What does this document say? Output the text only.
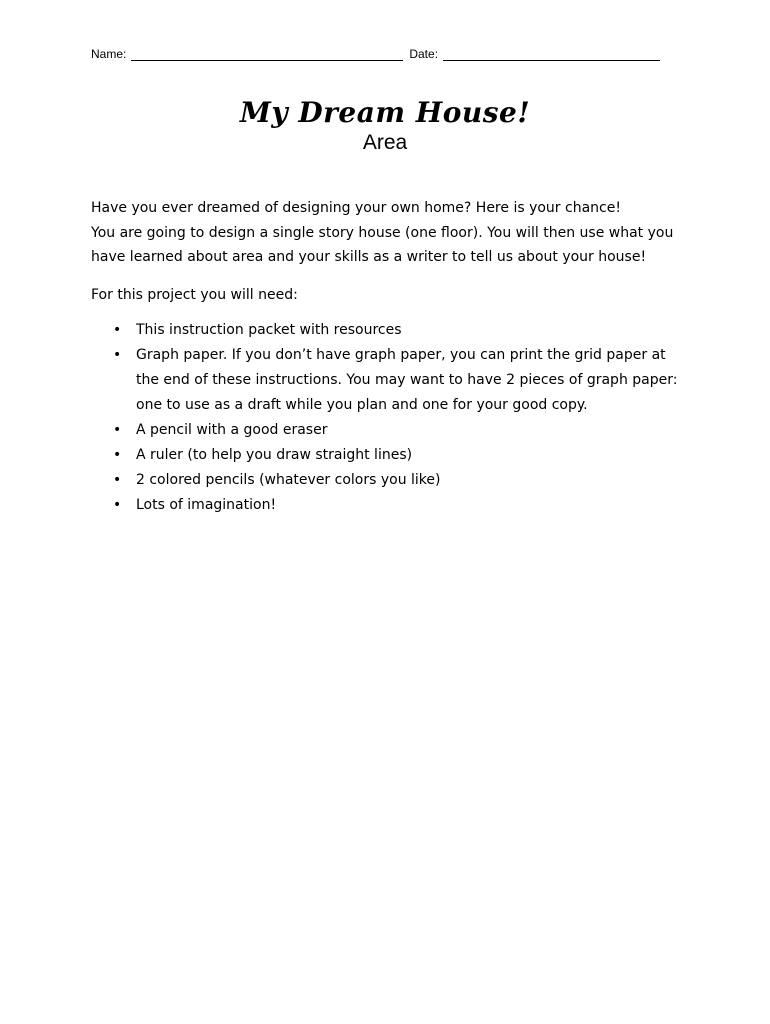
Name:	Date:
My Dream House!
Area

Have you ever dreamed of designing your own home? Here is your chance!

You are going to design a single story house (one floor). You will then use what you have learned about area and your skills as a writer to tell us about your house!

For this project you will need:
• This instruction packet with resources
• Graph paper. If you don’t have graph paper, you can print the grid paper at the end of these instructions. You may want to have 2 pieces of graph paper: one to use as a draft while you plan and one for your good copy.
• A pencil with a good eraser
• A ruler (to help you draw straight lines)
• 2 colored pencils (whatever colors you like)
• Lots of imagination!
